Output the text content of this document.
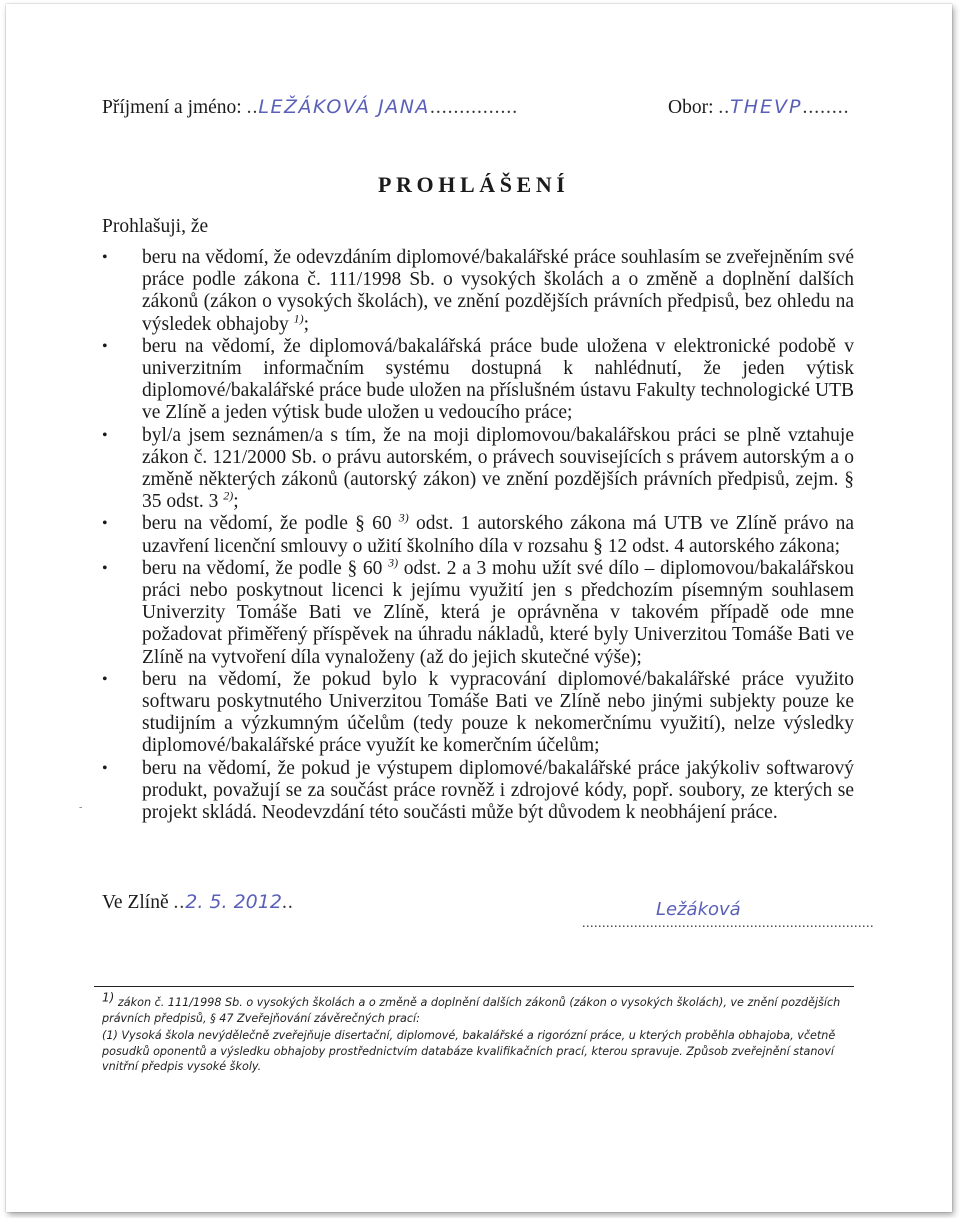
Příjmení a jméno: ..LEŽÁKOVÁ JANA...............	Obor: ..THEVP........
PROHLÁŠENÍ
Prohlašuji, že
• beru na vědomí, že odevzdáním diplomové/bakalářské práce souhlasím se zveřejněním své práce podle zákona č. 111/1998 Sb. o vysokých školách a o změně a doplnění dalších zákonů (zákon o vysokých školách), ve znění pozdějších právních předpisů, bez ohledu na výsledek obhajoby $^{1)}$;
• beru na vědomí, že diplomová/bakalářská práce bude uložena v elektronické podobě v univerzitním informačním systému dostupná k nahlédnutí, že jeden výtisk diplomové/bakalářské práce bude uložen na příslušném ústavu Fakulty technologické UTB ve Zlíně a jeden výtisk bude uložen u vedoucího práce;
• byl/a jsem seznámen/a s tím, že na moji diplomovou/bakalářskou práci se plně vztahuje zákon č. 121/2000 Sb. o právu autorském, o právech souvisejících s právem autorským a o změně některých zákonů (autorský zákon) ve znění pozdějších právních předpisů, zejm. § 35 odst. 3 $^{2)}$;
• beru na vědomí, že podle § 60 $^{3)}$ odst. 1 autorského zákona má UTB ve Zlíně právo na uzavření licenční smlouvy o užití školního díla v rozsahu § 12 odst. 4 autorského zákona;
• beru na vědomí, že podle § 60 $^{3)}$ odst. 2 a 3 mohu užít své dílo – diplomovou/bakalářskou práci nebo poskytnout licenci k jejímu využití jen s předchozím písemným souhlasem Univerzity Tomáše Bati ve Zlíně, která je oprávněna v takovém případě ode mne požadovat přiměřený příspěvek na úhradu nákladů, které byly Univerzitou Tomáše Bati ve Zlíně na vytvoření díla vynaloženy (až do jejich skutečné výše);
• beru na vědomí, že pokud bylo k vypracování diplomové/bakalářské práce využito softwaru poskytnutého Univerzitou Tomáše Bati ve Zlíně nebo jinými subjekty pouze ke studijním a výzkumným účelům (tedy pouze k nekomerčnímu využití), nelze výsledky diplomové/bakalářské práce využít ke komerčním účelům;
• beru na vědomí, že pokud je výstupem diplomové/bakalářské práce jakýkoliv softwarový produkt, považují se za součást práce rovněž i zdrojové kódy, popř. soubory, ze kterých se projekt skládá. Neodevzdání této součásti může být důvodem k neobhájení práce.
-
Ve Zlíně ..2. 5. 2012..	Ležáková
.........................................................................

$^{1)}$ zákon č. 111/1998 Sb. o vysokých školách a o změně a doplnění dalších zákonů (zákon o vysokých školách), ve znění pozdějších právních předpisů, § 47 Zveřejňování závěrečných prací:

(1) Vysoká škola nevýdělečně zveřejňuje disertační, diplomové, bakalářské a rigorózní práce, u kterých proběhla obhajoba, včetně posudků oponentů a výsledku obhajoby prostřednictvím databáze kvalifikačních prací, kterou spravuje. Způsob zveřejnění stanoví vnitřní předpis vysoké školy.
